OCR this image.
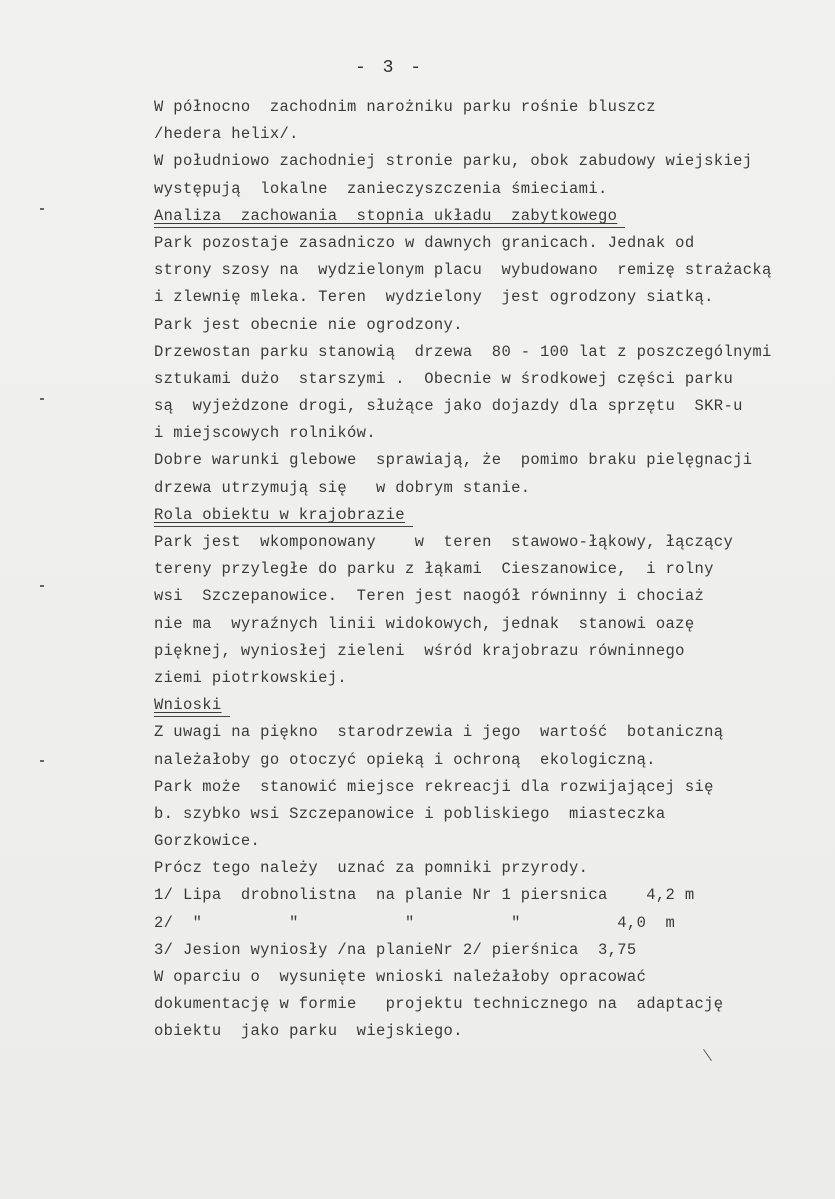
- 3 -
W północno  zachodnim narożniku parku rośnie bluszcz
/hedera helix/.
W południowo zachodniej stronie parku, obok zabudowy wiejskiej
występują  lokalne  zanieczyszczenia śmieciami.
Analiza  zachowania  stopnia układu  zabytkowego
Park pozostaje zasadniczo w dawnych granicach. Jednak od
strony szosy na  wydzielonym placu  wybudowano  remizę strażacką
i zlewnię mleka. Teren  wydzielony  jest ogrodzony siatką.
Park jest obecnie nie ogrodzony.
Drzewostan parku stanowią  drzewa  80 - 100 lat z poszczególnymi
sztukami dużo  starszymi .  Obecnie w środkowej części parku
są  wyjeżdzone drogi, służące jako dojazdy dla sprzętu  SKR-u
i miejscowych rolników.
Dobre warunki glebowe  sprawiają, że  pomimo braku pielęgnacji
drzewa utrzymują się   w dobrym stanie.
Rola obiektu w krajobrazie
Park jest  wkomponowany    w  teren  stawowo-łąkowy, łączący
tereny przyległe do parku z łąkami  Cieszanowice,  i rolny
wsi  Szczepanowice.  Teren jest naogół równinny i chociaż
nie ma  wyraźnych linii widokowych, jednak  stanowi oazę
pięknej, wyniosłej zieleni  wśród krajobrazu równinnego
ziemi piotrkowskiej.
Wnioski
Z uwagi na piękno  starodrzewia i jego  wartość  botaniczną
należałoby go otoczyć opieką i ochroną  ekologiczną.
Park może  stanowić miejsce rekreacji dla rozwijającej się
b. szybko wsi Szczepanowice i pobliskiego  miasteczka
Gorzkowice.
Prócz tego należy  uznać za pomniki przyrody.
1/ Lipa  drobnolistna  na planie Nr 1 piersnica    4,2 m
2/  "         "           "          "          4,0  m
3/ Jesion wyniosły /na planieNr 2/ pierśnica  3,75
W oparciu o  wysunięte wnioski należałoby opracować
dokumentację w formie   projektu technicznego na  adaptację
obiektu  jako parku  wiejskiego.
